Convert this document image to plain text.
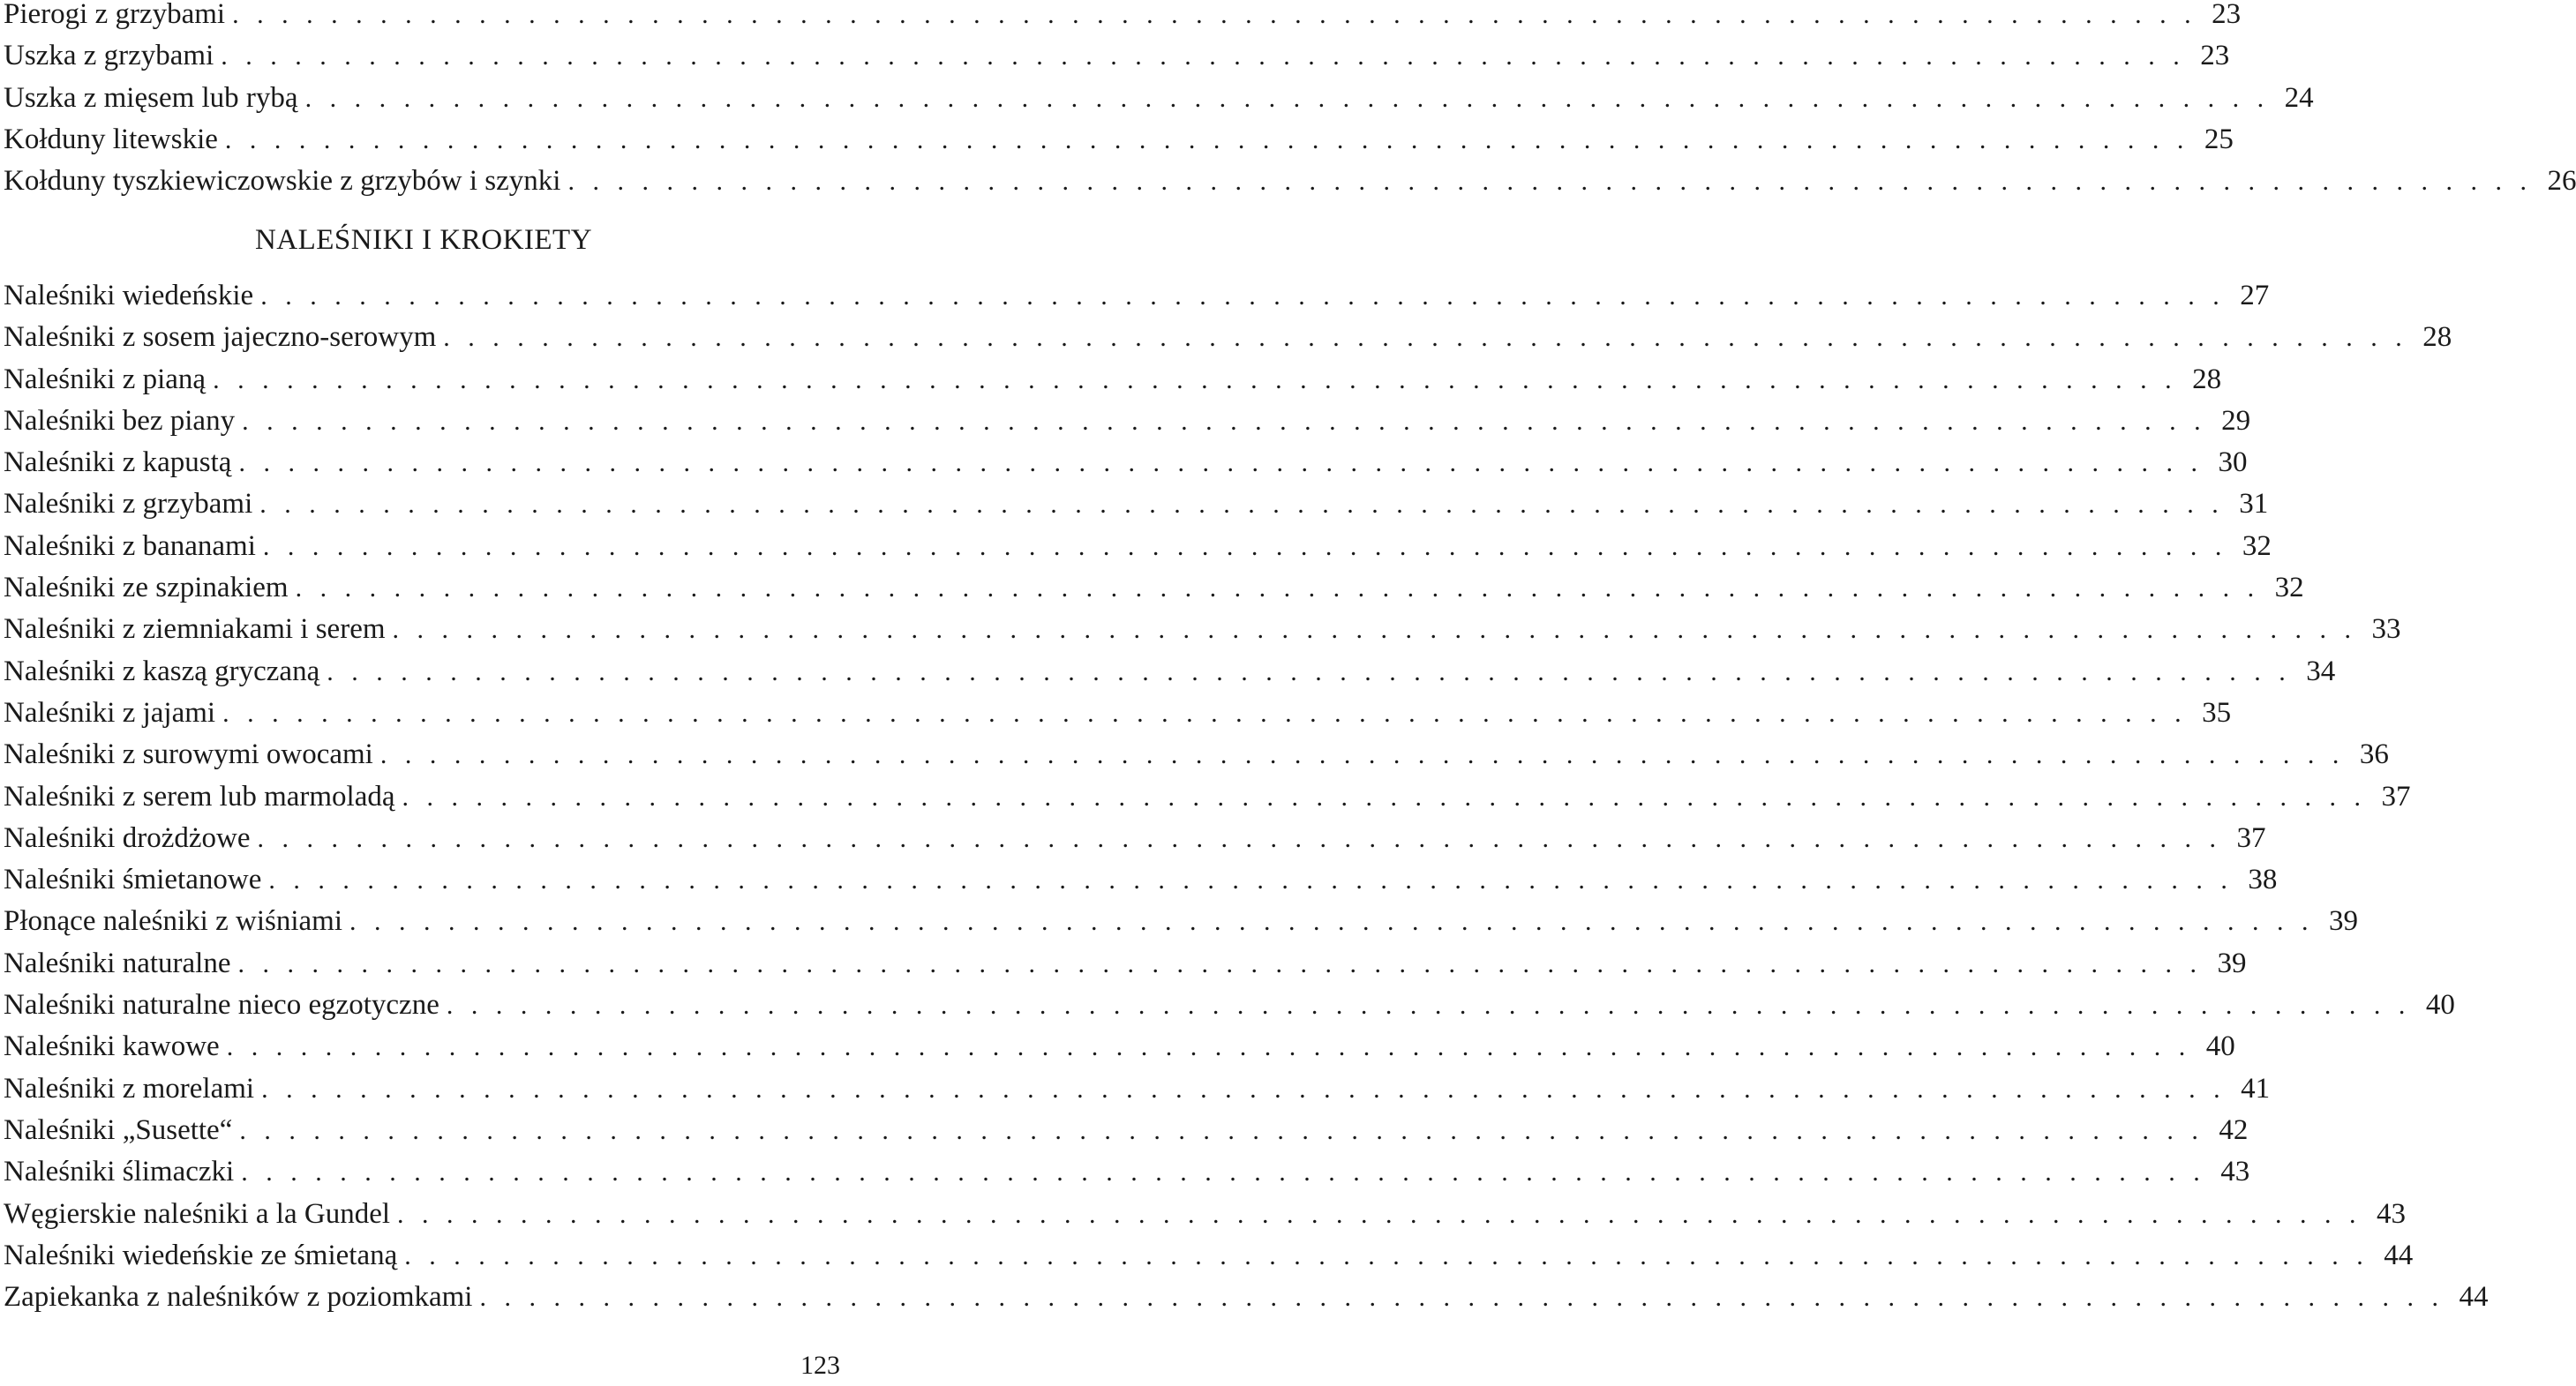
Pierogi z grzybami . . . . . . . . . . . . . . . . . . . . . . . . . . . . . . . . . . . . . . . . . . . . . . . . . . . . . . . . . . . . . . . . . . . . . . . . . . . . . . . . 23
Uszka z grzybami . . . . . . . . . . . . . . . . . . . . . . . . . . . . . . . . . . . . . . . . . . . . . . . . . . . . . . . . . . . . . . . . . . . . . . . . . . . . . . . . 23
Uszka z mięsem lub rybą . . . . . . . . . . . . . . . . . . . . . . . . . . . . . . . . . . . . . . . . . . . . . . . . . . . . . . . . . . . . . . . . . . . . . . . . . . . . . . . . 24
Kołduny litewskie . . . . . . . . . . . . . . . . . . . . . . . . . . . . . . . . . . . . . . . . . . . . . . . . . . . . . . . . . . . . . . . . . . . . . . . . . . . . . . . . 25
Kołduny tyszkiewiczowskie z grzybów i szynki . . . . . . . . . . . . . . . . . . . . . . . . . . . . . . . . . . . . . . . . . . . . . . . . . . . . . . . . . . . . . . . . . . . . . . . . . . . . . . . . 26
NALEŚNIKI I KROKIETY
Naleśniki wiedeńskie . . . . . . . . . . . . . . . . . . . . . . . . . . . . . . . . . . . . . . . . . . . . . . . . . . . . . . . . . . . . . . . . . . . . . . . . . . . . . . . . 27
Naleśniki z sosem jajeczno-serowym . . . . . . . . . . . . . . . . . . . . . . . . . . . . . . . . . . . . . . . . . . . . . . . . . . . . . . . . . . . . . . . . . . . . . . . . . . . . . . . . 28
Naleśniki z pianą . . . . . . . . . . . . . . . . . . . . . . . . . . . . . . . . . . . . . . . . . . . . . . . . . . . . . . . . . . . . . . . . . . . . . . . . . . . . . . . . 28
Naleśniki bez piany . . . . . . . . . . . . . . . . . . . . . . . . . . . . . . . . . . . . . . . . . . . . . . . . . . . . . . . . . . . . . . . . . . . . . . . . . . . . . . . . 29
Naleśniki z kapustą . . . . . . . . . . . . . . . . . . . . . . . . . . . . . . . . . . . . . . . . . . . . . . . . . . . . . . . . . . . . . . . . . . . . . . . . . . . . . . . . 30
Naleśniki z grzybami . . . . . . . . . . . . . . . . . . . . . . . . . . . . . . . . . . . . . . . . . . . . . . . . . . . . . . . . . . . . . . . . . . . . . . . . . . . . . . . . 31
Naleśniki z bananami . . . . . . . . . . . . . . . . . . . . . . . . . . . . . . . . . . . . . . . . . . . . . . . . . . . . . . . . . . . . . . . . . . . . . . . . . . . . . . . . 32
Naleśniki ze szpinakiem . . . . . . . . . . . . . . . . . . . . . . . . . . . . . . . . . . . . . . . . . . . . . . . . . . . . . . . . . . . . . . . . . . . . . . . . . . . . . . . . 32
Naleśniki z ziemniakami i serem . . . . . . . . . . . . . . . . . . . . . . . . . . . . . . . . . . . . . . . . . . . . . . . . . . . . . . . . . . . . . . . . . . . . . . . . . . . . . . . . 33
Naleśniki z kaszą gryczaną . . . . . . . . . . . . . . . . . . . . . . . . . . . . . . . . . . . . . . . . . . . . . . . . . . . . . . . . . . . . . . . . . . . . . . . . . . . . . . . . 34
Naleśniki z jajami . . . . . . . . . . . . . . . . . . . . . . . . . . . . . . . . . . . . . . . . . . . . . . . . . . . . . . . . . . . . . . . . . . . . . . . . . . . . . . . . 35
Naleśniki z surowymi owocami . . . . . . . . . . . . . . . . . . . . . . . . . . . . . . . . . . . . . . . . . . . . . . . . . . . . . . . . . . . . . . . . . . . . . . . . . . . . . . . . 36
Naleśniki z serem lub marmoladą . . . . . . . . . . . . . . . . . . . . . . . . . . . . . . . . . . . . . . . . . . . . . . . . . . . . . . . . . . . . . . . . . . . . . . . . . . . . . . . . 37
Naleśniki drożdżowe . . . . . . . . . . . . . . . . . . . . . . . . . . . . . . . . . . . . . . . . . . . . . . . . . . . . . . . . . . . . . . . . . . . . . . . . . . . . . . . . 37
Naleśniki śmietanowe . . . . . . . . . . . . . . . . . . . . . . . . . . . . . . . . . . . . . . . . . . . . . . . . . . . . . . . . . . . . . . . . . . . . . . . . . . . . . . . . 38
Płonące naleśniki z wiśniami . . . . . . . . . . . . . . . . . . . . . . . . . . . . . . . . . . . . . . . . . . . . . . . . . . . . . . . . . . . . . . . . . . . . . . . . . . . . . . . . 39
Naleśniki naturalne . . . . . . . . . . . . . . . . . . . . . . . . . . . . . . . . . . . . . . . . . . . . . . . . . . . . . . . . . . . . . . . . . . . . . . . . . . . . . . . . 39
Naleśniki naturalne nieco egzotyczne . . . . . . . . . . . . . . . . . . . . . . . . . . . . . . . . . . . . . . . . . . . . . . . . . . . . . . . . . . . . . . . . . . . . . . . . . . . . . . . . 40
Naleśniki kawowe . . . . . . . . . . . . . . . . . . . . . . . . . . . . . . . . . . . . . . . . . . . . . . . . . . . . . . . . . . . . . . . . . . . . . . . . . . . . . . . . 40
Naleśniki z morelami . . . . . . . . . . . . . . . . . . . . . . . . . . . . . . . . . . . . . . . . . . . . . . . . . . . . . . . . . . . . . . . . . . . . . . . . . . . . . . . . 41
Naleśniki „Susette“ . . . . . . . . . . . . . . . . . . . . . . . . . . . . . . . . . . . . . . . . . . . . . . . . . . . . . . . . . . . . . . . . . . . . . . . . . . . . . . . . 42
Naleśniki ślimaczki . . . . . . . . . . . . . . . . . . . . . . . . . . . . . . . . . . . . . . . . . . . . . . . . . . . . . . . . . . . . . . . . . . . . . . . . . . . . . . . . 43
Węgierskie naleśniki a la Gundel . . . . . . . . . . . . . . . . . . . . . . . . . . . . . . . . . . . . . . . . . . . . . . . . . . . . . . . . . . . . . . . . . . . . . . . . . . . . . . . . 43
Naleśniki wiedeńskie ze śmietaną . . . . . . . . . . . . . . . . . . . . . . . . . . . . . . . . . . . . . . . . . . . . . . . . . . . . . . . . . . . . . . . . . . . . . . . . . . . . . . . . 44
Zapiekanka z naleśników z poziomkami . . . . . . . . . . . . . . . . . . . . . . . . . . . . . . . . . . . . . . . . . . . . . . . . . . . . . . . . . . . . . . . . . . . . . . . . . . . . . . . . 44
123
